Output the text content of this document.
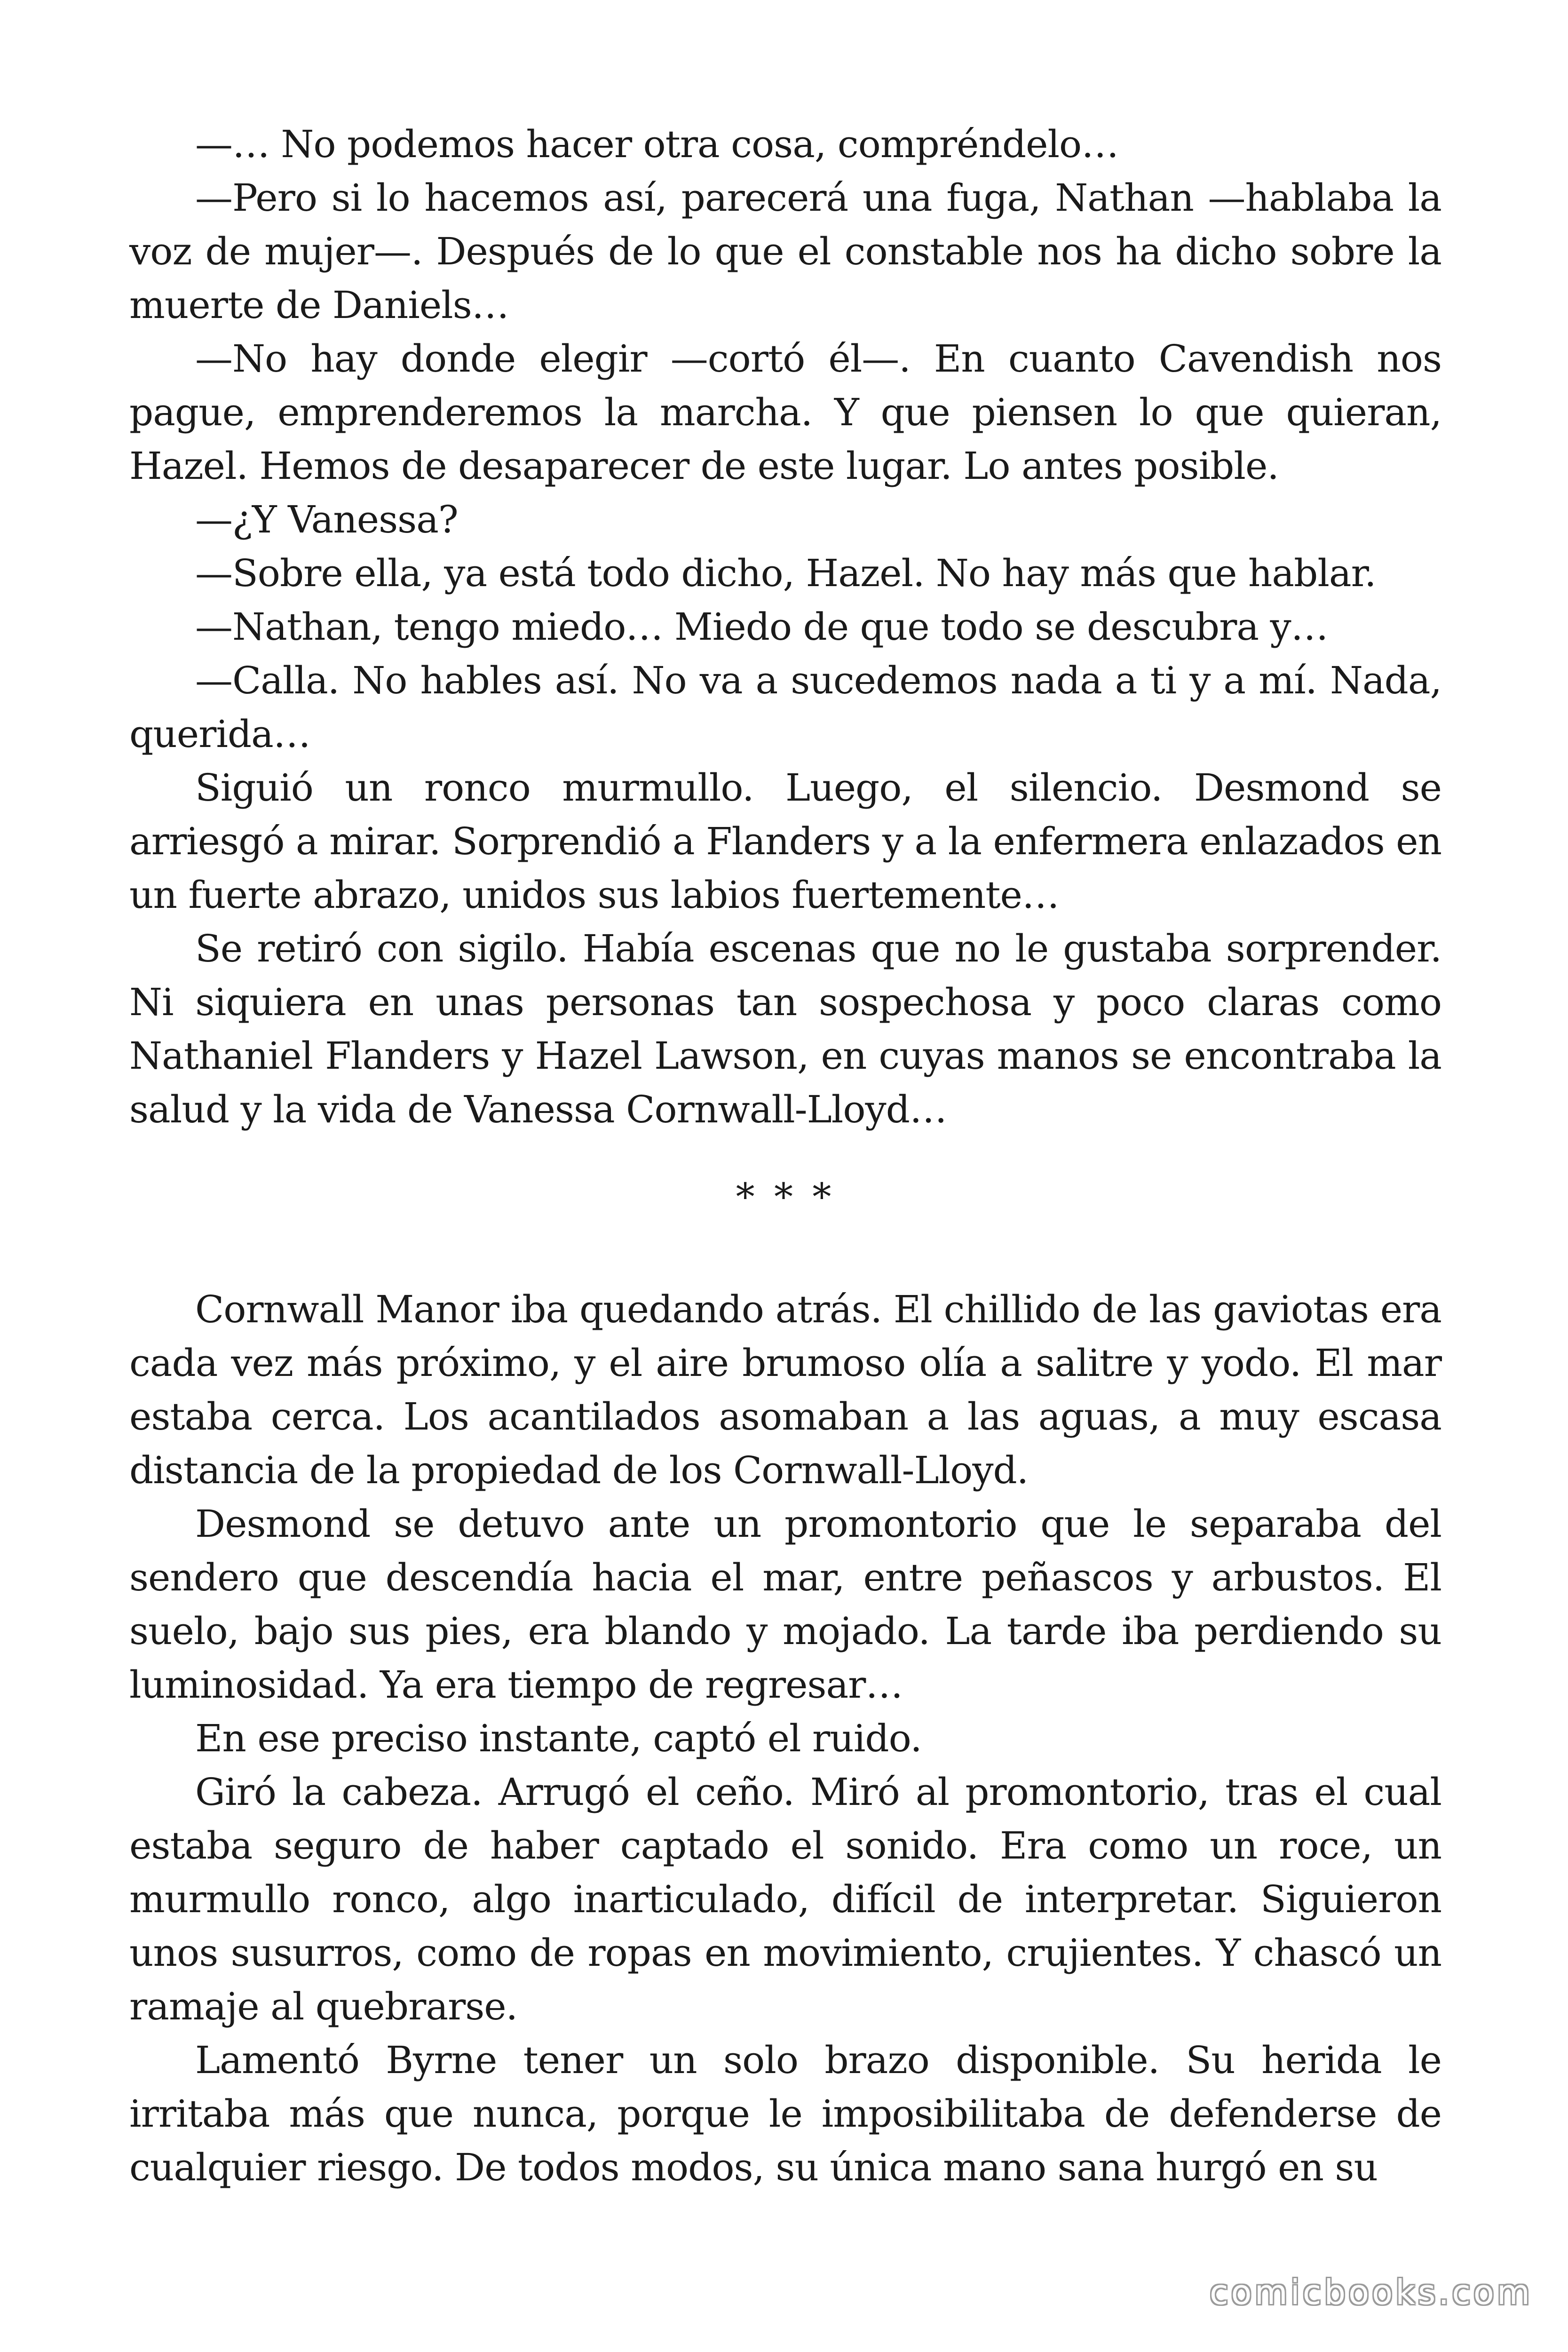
—… No podemos hacer otra cosa, compréndelo…

—Pero si lo hacemos así, parecerá una fuga, Nathan —hablaba la voz de mujer—. Después de lo que el constable nos ha dicho sobre la muerte de Daniels…

—No hay donde elegir —cortó él—. En cuanto Cavendish nos pague, emprenderemos la marcha. Y que piensen lo que quieran, Hazel. Hemos de desaparecer de este lugar. Lo antes posible.

—¿Y Vanessa?

—Sobre ella, ya está todo dicho, Hazel. No hay más que hablar.

—Nathan, tengo miedo… Miedo de que todo se descubra y…

—Calla. No hables así. No va a sucedemos nada a ti y a mí. Nada, querida…

Siguió un ronco murmullo. Luego, el silencio. Desmond se arriesgó a mirar. Sorprendió a Flanders y a la enfermera enlazados en un fuerte abrazo, unidos sus labios fuertemente…

Se retiró con sigilo. Había escenas que no le gustaba sorprender. Ni siquiera en unas personas tan sospechosa y poco claras como Nathaniel Flanders y Hazel Lawson, en cuyas manos se encontraba la salud y la vida de Vanessa Cornwall-Lloyd…

* * *

Cornwall Manor iba quedando atrás. El chillido de las gaviotas era cada vez más próximo, y el aire brumoso olía a salitre y yodo. El mar estaba cerca. Los acantilados asomaban a las aguas, a muy escasa distancia de la propiedad de los Cornwall-Lloyd.

Desmond se detuvo ante un promontorio que le separaba del sendero que descendía hacia el mar, entre peñascos y arbustos. El suelo, bajo sus pies, era blando y mojado. La tarde iba perdiendo su luminosidad. Ya era tiempo de regresar…

En ese preciso instante, captó el ruido.

Giró la cabeza. Arrugó el ceño. Miró al promontorio, tras el cual estaba seguro de haber captado el sonido. Era como un roce, un murmullo ronco, algo inarticulado, difícil de interpretar. Siguieron unos susurros, como de ropas en movimiento, crujientes. Y chascó un ramaje al quebrarse.

Lamentó Byrne tener un solo brazo disponible. Su herida le irritaba más que nunca, porque le imposibilitaba de defenderse de cualquier riesgo. De todos modos, su única mano sana hurgó en su

comicbooks.com
